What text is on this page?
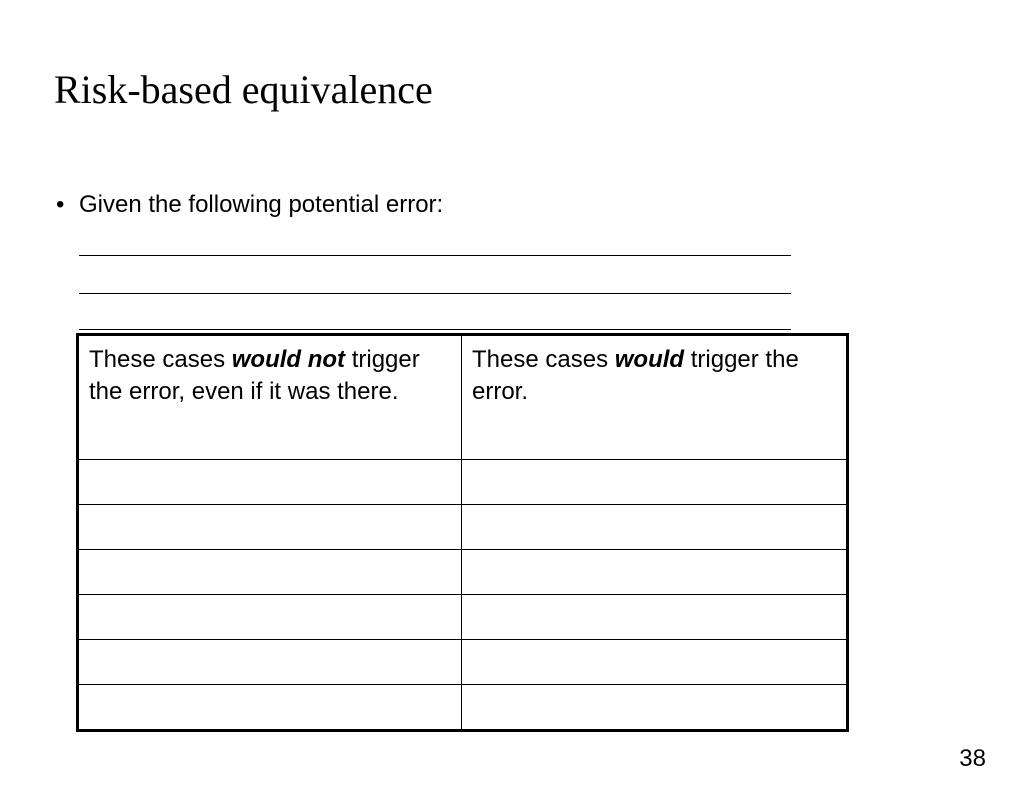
Risk-based equivalence
• Given the following potential error:
These cases would not trigger the error, even if it was there.	These cases would trigger the error.

38
